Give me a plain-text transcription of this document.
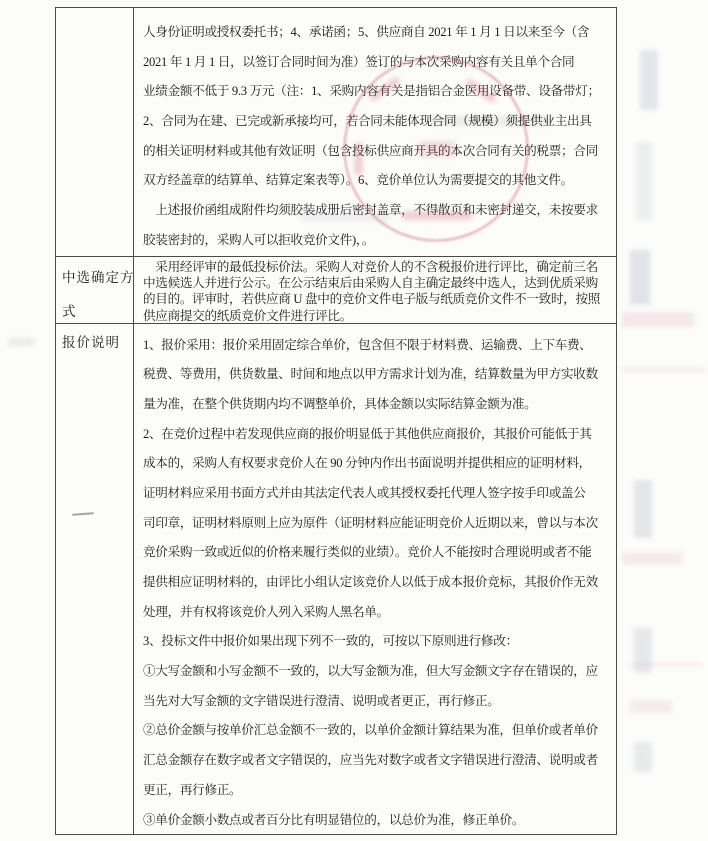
人身份证明或授权委托书；4、承诺函；5、供应商自 2021 年 1 月 1 日以来至今（含
2021 年 1 月 1 日，以签订合同时间为准）签订的与本次采购内容有关且单个合同
业绩金额不低于 9.3 万元（注：1、采购内容有关是指铝合金医用设备带、设备带灯；
2、合同为在建、已完或新承接均可，若合同未能体现合同（规模）须提供业主出具
的相关证明材料或其他有效证明（包含投标供应商开具的本次合同有关的税票；合同
双方经盖章的结算单、结算定案表等）。6、竞价单位认为需要提交的其他文件。
　上述报价函组成附件均须胶装成册后密封盖章，不得散页和未密封递交，未按要求
胶装密封的，采购人可以拒收竞价文件)，。
中选确定方
式
　采用经评审的最低投标价法。采购人对竞价人的不含税报价进行评比，确定前三名
中选候选人并进行公示。在公示结束后由采购人自主确定最终中选人，达到优质采购
的目的。评审时，若供应商 U 盘中的竞价文件电子版与纸质竞价文件不一致时，按照
供应商提交的纸质竞价文件进行评比。
报价说明	1、报价采用：报价采用固定综合单价，包含但不限于材料费、运输费、上下车费、
税费、等费用，供货数量、时间和地点以甲方需求计划为准，结算数量为甲方实收数
量为准，在整个供货期内均不调整单价，具体金额以实际结算金额为准。
2、在竞价过程中若发现供应商的报价明显低于其他供应商报价，其报价可能低于其
成本的，采购人有权要求竞价人在 90 分钟内作出书面说明并提供相应的证明材料，
证明材料应采用书面方式并由其法定代表人或其授权委托代理人签字按手印或盖公
司印章，证明材料原则上应为原件（证明材料应能证明竞价人近期以来，曾以与本次
竞价采购一致或近似的价格来履行类似的业绩）。竞价人不能按时合理说明或者不能
提供相应证明材料的，由评比小组认定该竞价人以低于成本报价竞标，其报价作无效
处理，并有权将该竞价人列入采购人黑名单。
3、投标文件中报价如果出现下列不一致的，可按以下原则进行修改：
①大写金额和小写金额不一致的，以大写金额为准，但大写金额文字存在错误的，应
当先对大写金额的文字错误进行澄清、说明或者更正，再行修正。
②总价金额与按单价汇总金额不一致的，以单价金额计算结果为准，但单价或者单价
汇总金额存在数字或者文字错误的，应当先对数字或者文字错误进行澄清、说明或者
更正，再行修正。
③单价金额小数点或者百分比有明显错位的，以总价为准，修正单价。
